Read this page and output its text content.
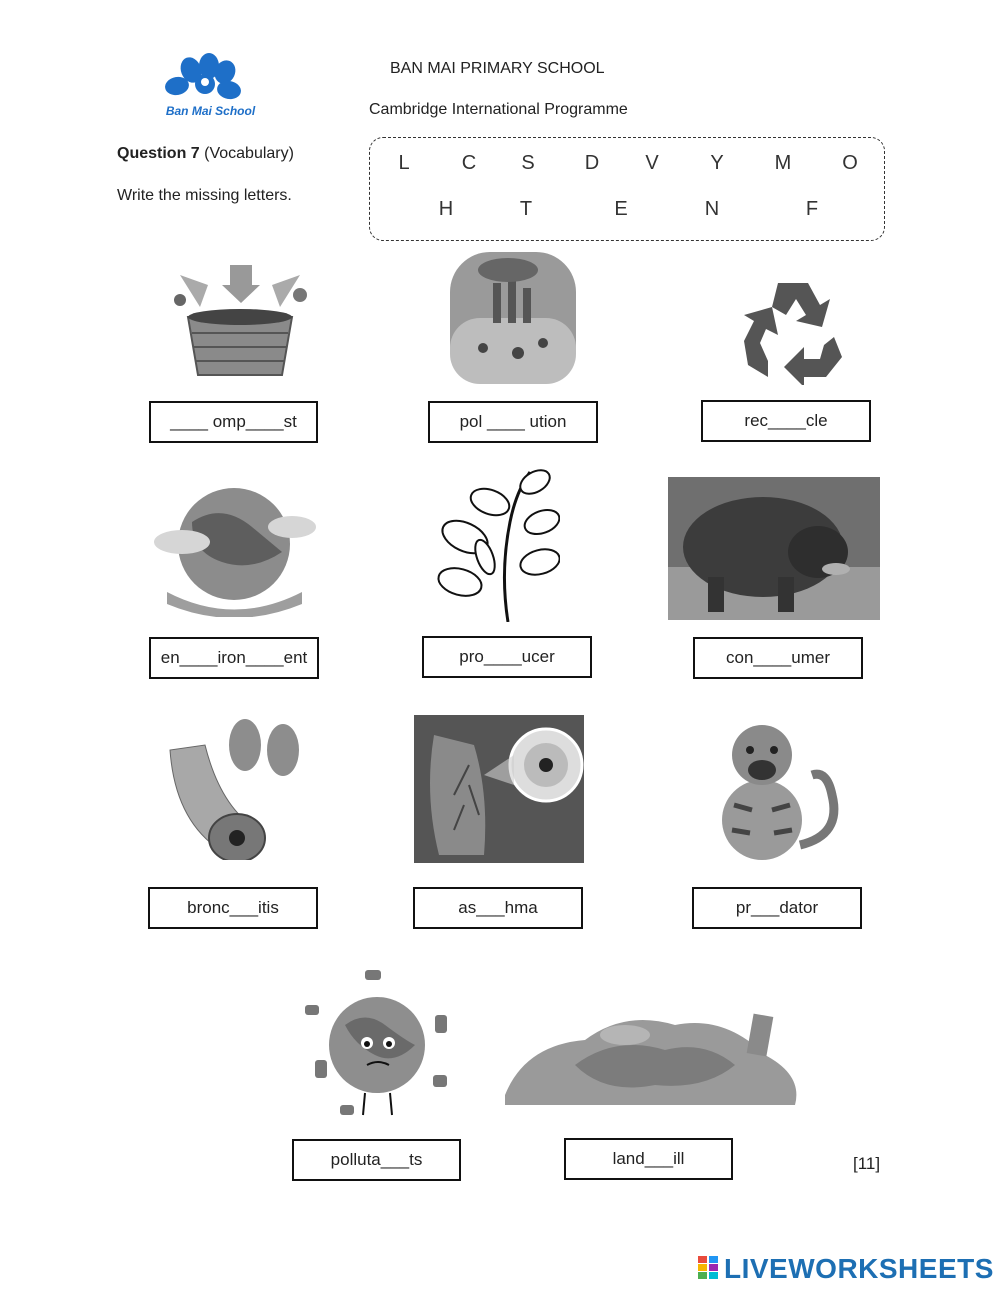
Ban Mai School
BAN MAI PRIMARY SCHOOL
Cambridge International Programme
Question 7 (Vocabulary)
Write the missing letters.
L	C S	D V	Y	M	O
H	T	E	N	F
____ omp____st	pol ____ ution	rec____cle
en____iron____ent	pro____ucer	con____umer
bronc___itis	as___hma	pr___dator
polluta___ts	land___ill	[11]
LIVEWORKSHEETS
